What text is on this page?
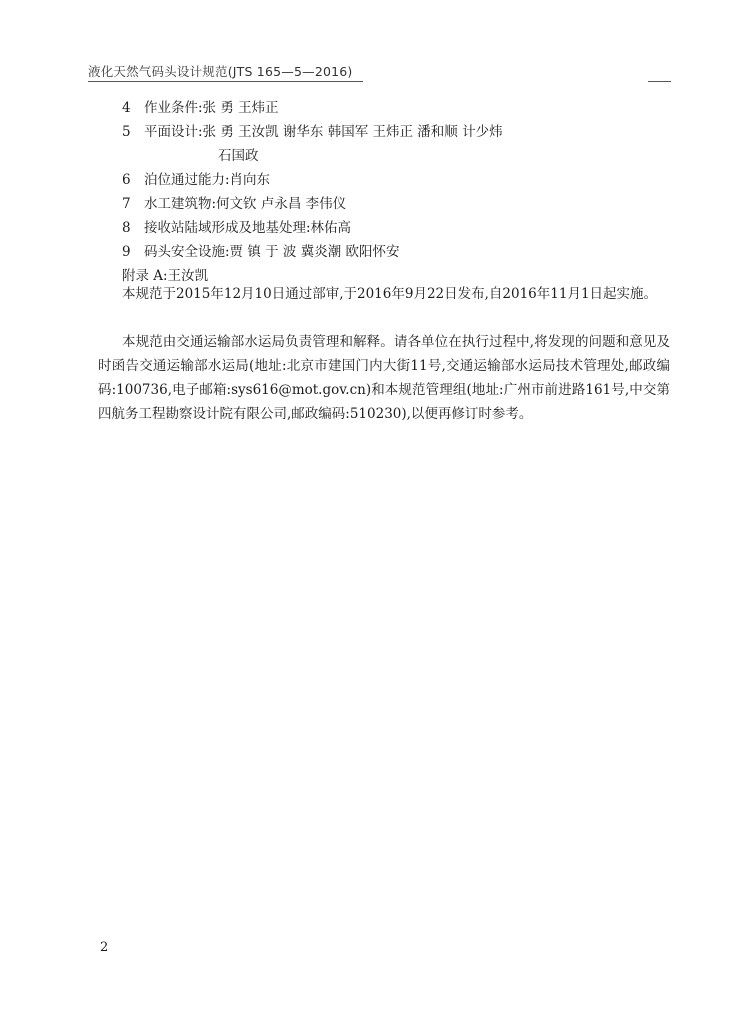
液化天然气码头设计规范(JTS 165—5—2016)
4 作业条件:张 勇 王炜正
5 平面设计:张 勇 王汝凯 谢华东 韩国军 王炜正 潘和顺 计少炜
石国政
6 泊位通过能力:肖向东
7 水工建筑物:何文钦 卢永昌 李伟仪
8 接收站陆域形成及地基处理:林佑高
9 码头安全设施:贾 镇 于 波 冀炎潮 欧阳怀安
附录 A:王汝凯

本规范于2015年12月10日通过部审,于2016年9月22日发布,自2016年11月1日起实施。

本规范由交通运输部水运局负责管理和解释。请各单位在执行过程中,将发现的问题和意见及时函告交通运输部水运局(地址:北京市建国门内大街11号,交通运输部水运局技术管理处,邮政编码:100736,电子邮箱:sys616@mot.gov.cn)和本规范管理组(地址:广州市前进路161号,中交第四航务工程勘察设计院有限公司,邮政编码:510230),以便再修订时参考。

2
